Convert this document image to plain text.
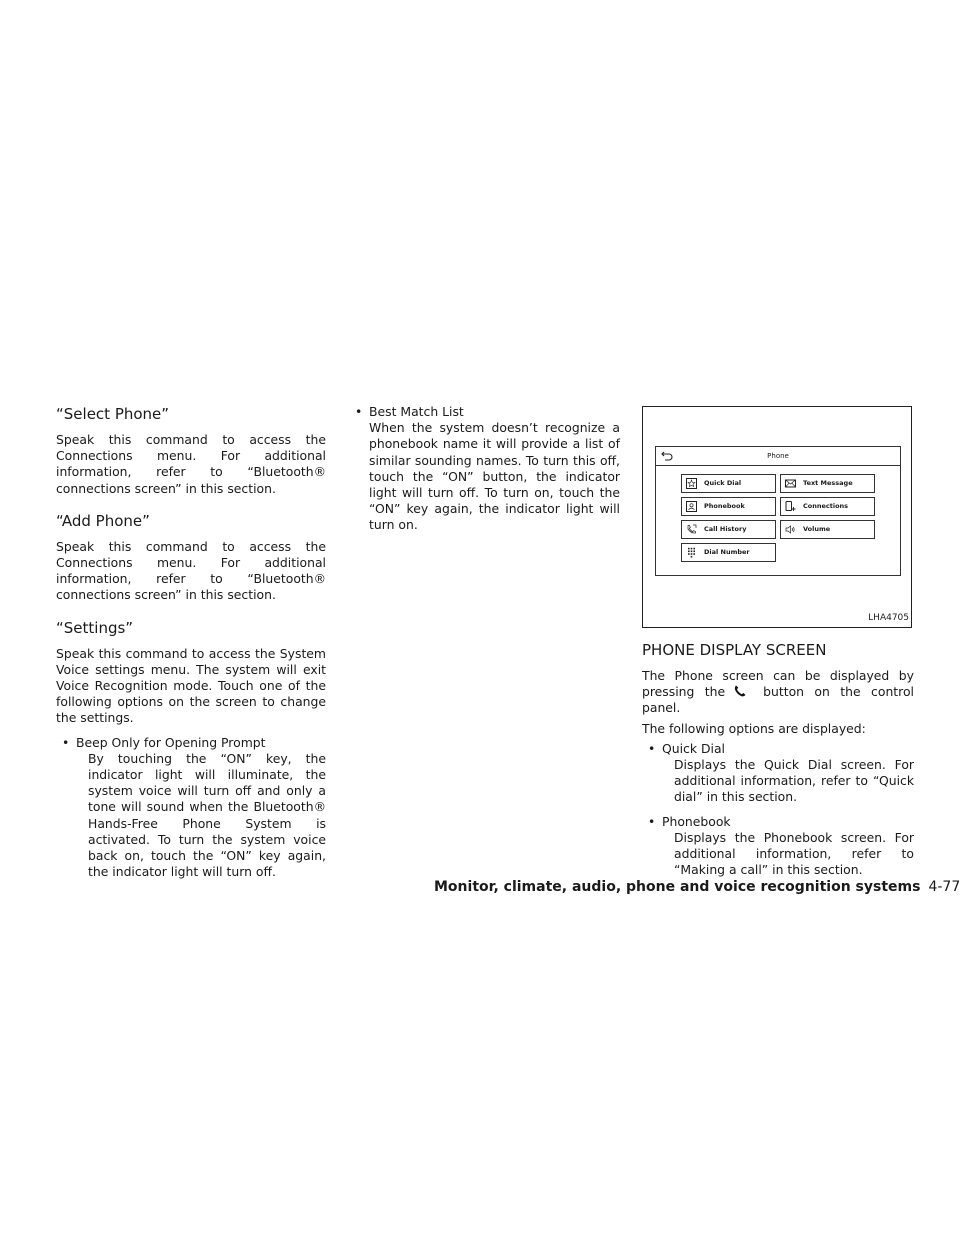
“Select Phone”

Speak this command to access the Connections menu. For additional information, refer to “Bluetooth® connections screen” in this section.

“Add Phone”

Speak this command to access the Connections menu. For additional information, refer to “Bluetooth® connections screen” in this section.

“Settings”

Speak this command to access the System Voice settings menu. The system will exit Voice Recognition mode. Touch one of the following options on the screen to change the settings.

• Beep Only for Opening Prompt
By touching the “ON” key, the indicator light will illuminate, the system voice will turn off and only a tone will sound when the Bluetooth® Hands-Free Phone System is activated. To turn the system voice back on, touch the “ON” key again, the indicator light will turn off.
• Best Match List
When the system doesn’t recognize a phonebook name it will provide a list of similar sounding names. To turn this off, touch the “ON” button, the indicator light will turn off. To turn on, touch the “ON” key again, the indicator light will turn on.
Phone
Quick Dial	Text Message
Phonebook	Connections
Call History	Volume
Dial Number
LHA4705
PHONE DISPLAY SCREEN

The Phone screen can be displayed by pressing the	button on the control panel.

The following options are displayed:

• Quick Dial
Displays the Quick Dial screen. For additional information, refer to “Quick dial” in this section.
• Phonebook
Displays the Phonebook screen. For additional information, refer to “Making a call” in this section.
Monitor, climate, audio, phone and voice recognition systems 4-77
